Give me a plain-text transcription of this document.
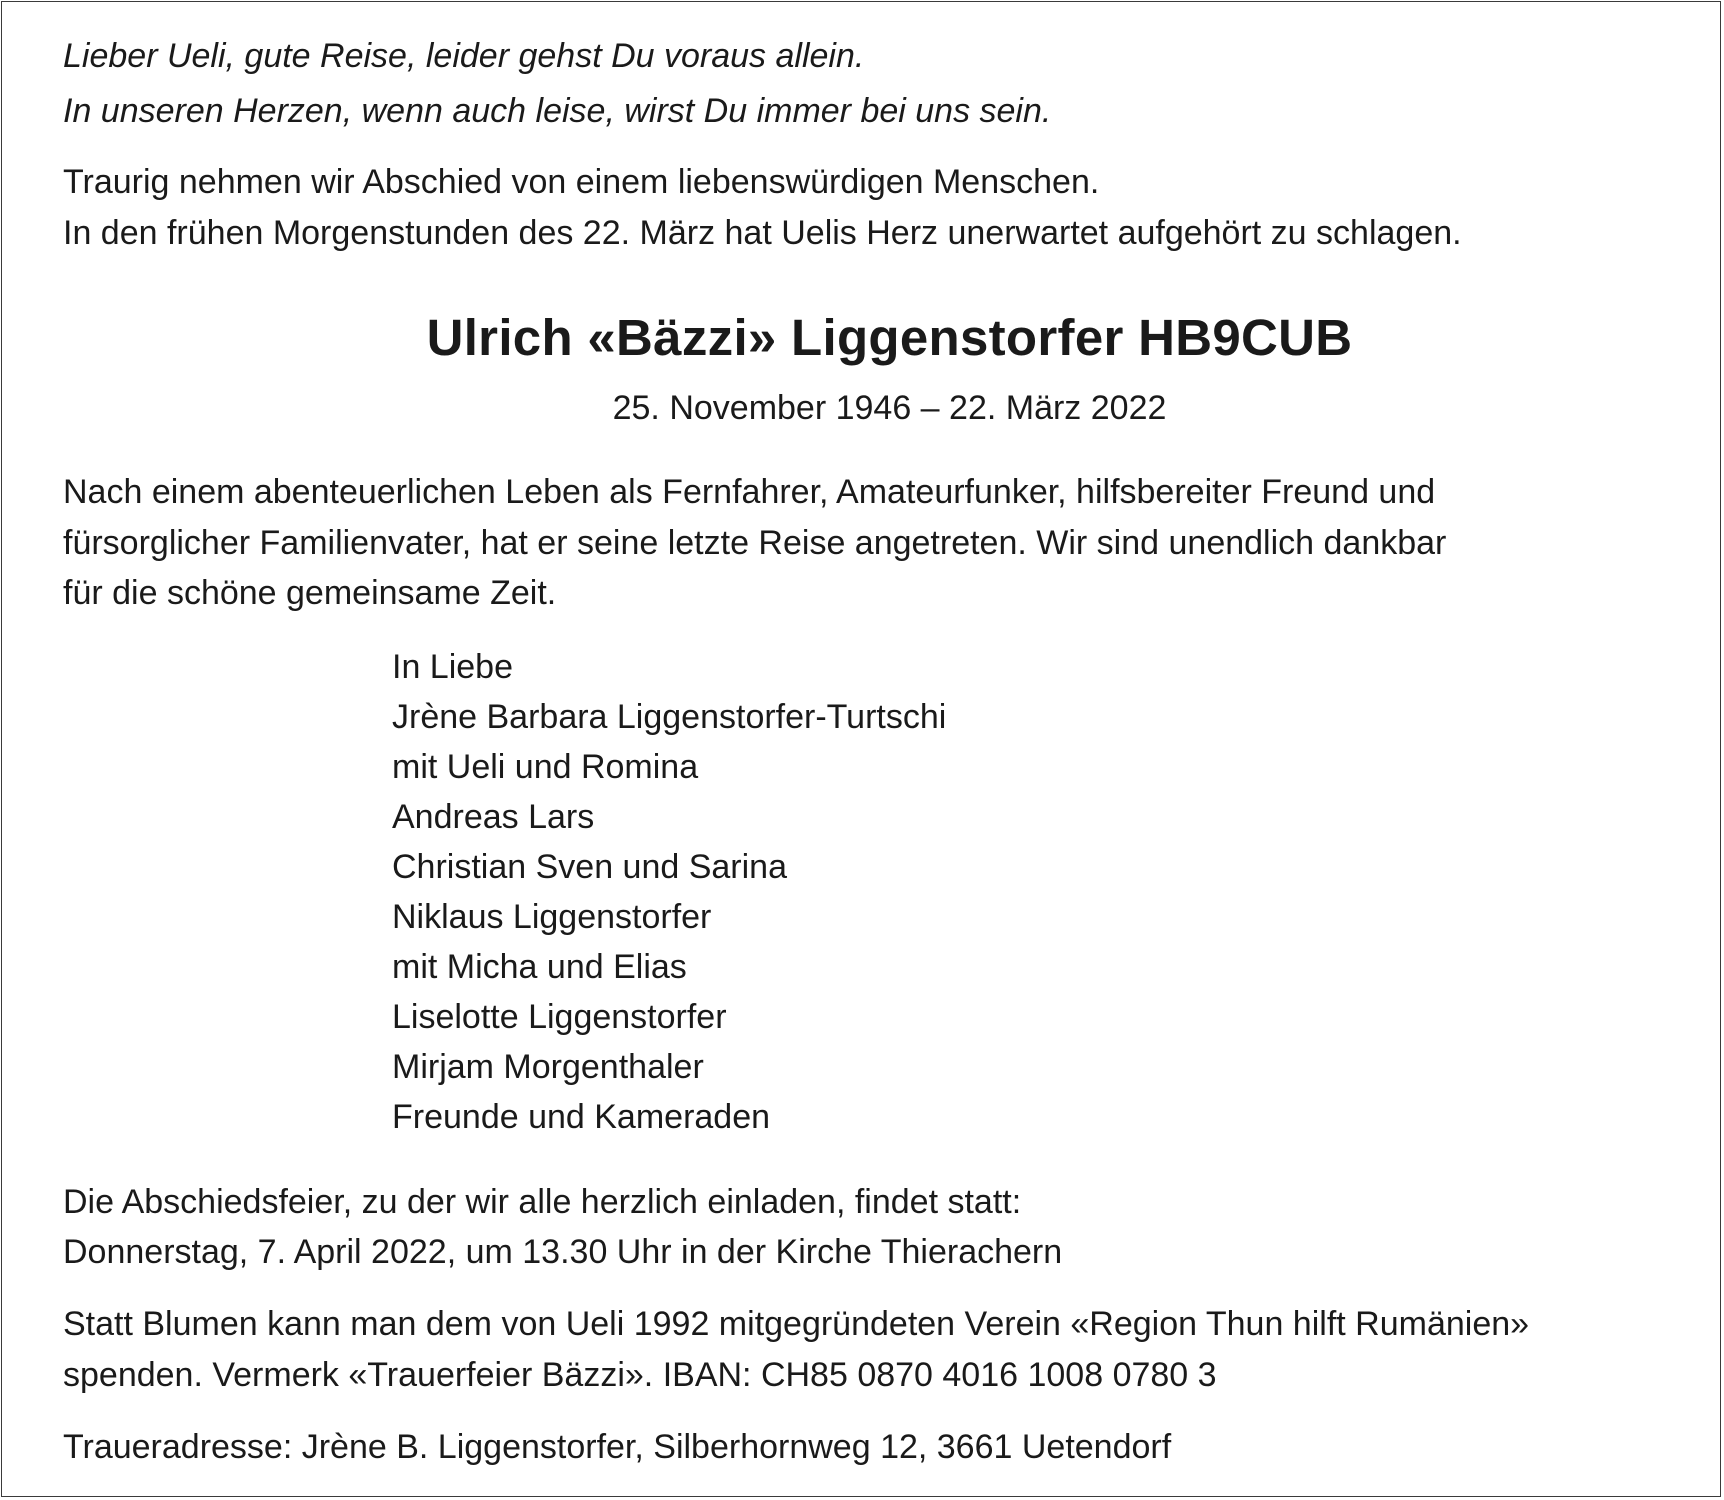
Lieber Ueli, gute Reise, leider gehst Du voraus allein.
In unseren Herzen, wenn auch leise, wirst Du immer bei uns sein.
Traurig nehmen wir Abschied von einem liebenswürdigen Menschen.
In den frühen Morgenstunden des 22. März hat Uelis Herz unerwartet aufgehört zu schlagen.
Ulrich «Bäzzi» Liggenstorfer HB9CUB
25. November 1946 – 22. März 2022
Nach einem abenteuerlichen Leben als Fernfahrer, Amateurfunker, hilfsbereiter Freund und
fürsorglicher Familienvater, hat er seine letzte Reise angetreten. Wir sind unendlich dankbar
für die schöne gemeinsame Zeit.
In Liebe
Jrène Barbara Liggenstorfer-Turtschi
mit Ueli und Romina
Andreas Lars
Christian Sven und Sarina
Niklaus Liggenstorfer
mit Micha und Elias
Liselotte Liggenstorfer
Mirjam Morgenthaler
Freunde und Kameraden
Die Abschiedsfeier, zu der wir alle herzlich einladen, findet statt:
Donnerstag, 7. April 2022, um 13.30 Uhr in der Kirche Thierachern
Statt Blumen kann man dem von Ueli 1992 mitgegründeten Verein «Region Thun hilft Rumänien»
spenden. Vermerk «Trauerfeier Bäzzi». IBAN: CH85 0870 4016 1008 0780 3
Traueradresse: Jrène B. Liggenstorfer, Silberhornweg 12, 3661 Uetendorf
